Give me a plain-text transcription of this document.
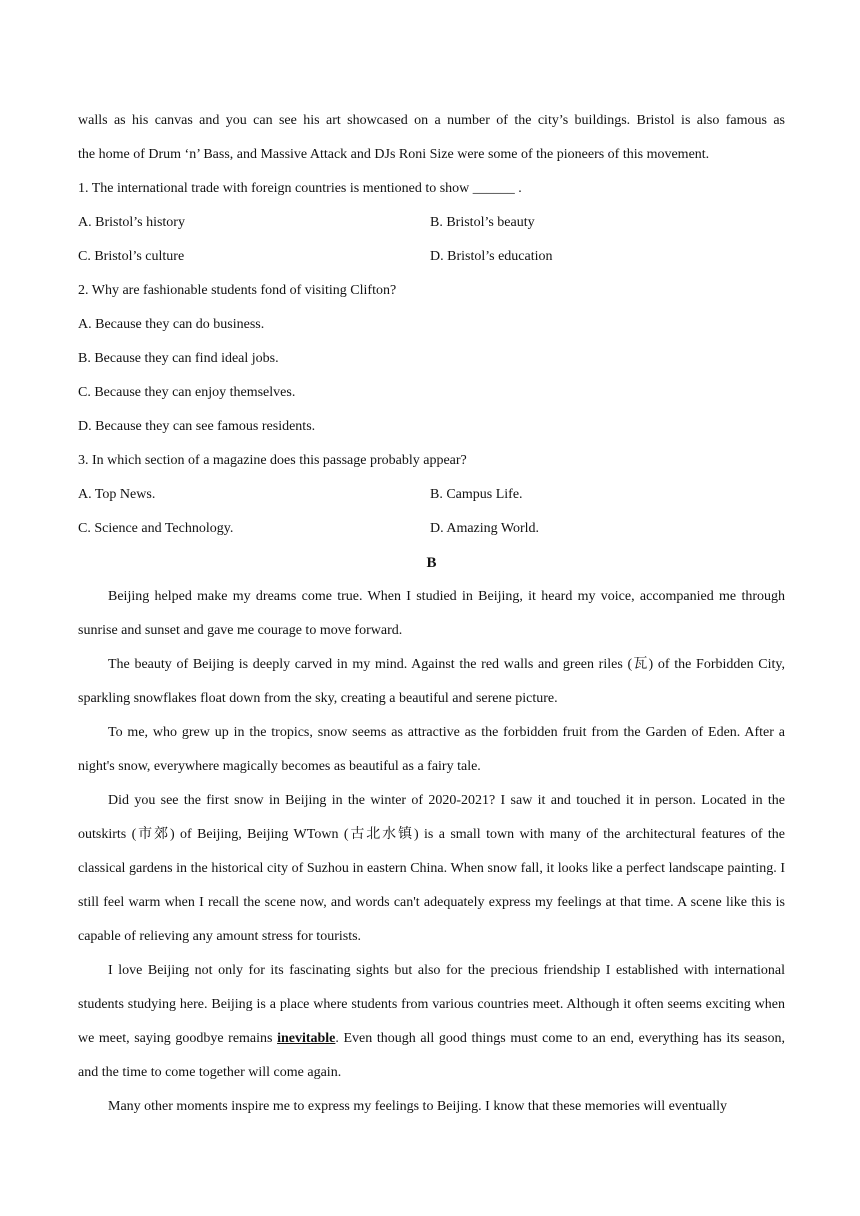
walls as his canvas and you can see his art showcased on a number of the city’s buildings. Bristol is also famous as

the home of Drum ‘n’ Bass, and Massive Attack and DJs Roni Size were some of the pioneers of this movement.

1. The international trade with foreign countries is mentioned to show ______ .

A. Bristol’s history	B. Bristol’s beauty
C. Bristol’s culture	D. Bristol’s education

2. Why are fashionable students fond of visiting Clifton?

A. Because they can do business.

B. Because they can find ideal jobs.

C. Because they can enjoy themselves.

D. Because they can see famous residents.

3. In which section of a magazine does this passage probably appear?

A. Top News.	B. Campus Life.
C. Science and Technology.	D. Amazing World.

B

Beijing helped make my dreams come true. When I studied in Beijing, it heard my voice, accompanied me through sunrise and sunset and gave me courage to move forward.

The beauty of Beijing is deeply carved in my mind. Against the red walls and green riles (瓦) of the Forbidden City, sparkling snowflakes float down from the sky, creating a beautiful and serene picture.

To me, who grew up in the tropics, snow seems as attractive as the forbidden fruit from the Garden of Eden. After a night's snow, everywhere magically becomes as beautiful as a fairy tale.

Did you see the first snow in Beijing in the winter of 2020-2021? I saw it and touched it in person. Located in the outskirts (市郊) of Beijing, Beijing WTown (古北水镇) is a small town with many of the architectural features of the classical gardens in the historical city of Suzhou in eastern China. When snow fall, it looks like a perfect landscape painting. I still feel warm when I recall the scene now, and words can't adequately express my feelings at that time. A scene like this is capable of relieving any amount stress for tourists.

I love Beijing not only for its fascinating sights but also for the precious friendship I established with international students studying here. Beijing is a place where students from various countries meet. Although it often seems exciting when we meet, saying goodbye remains inevitable. Even though all good things must come to an end, everything has its season, and the time to come together will come again.

Many other moments inspire me to express my feelings to Beijing. I know that these memories will eventually
